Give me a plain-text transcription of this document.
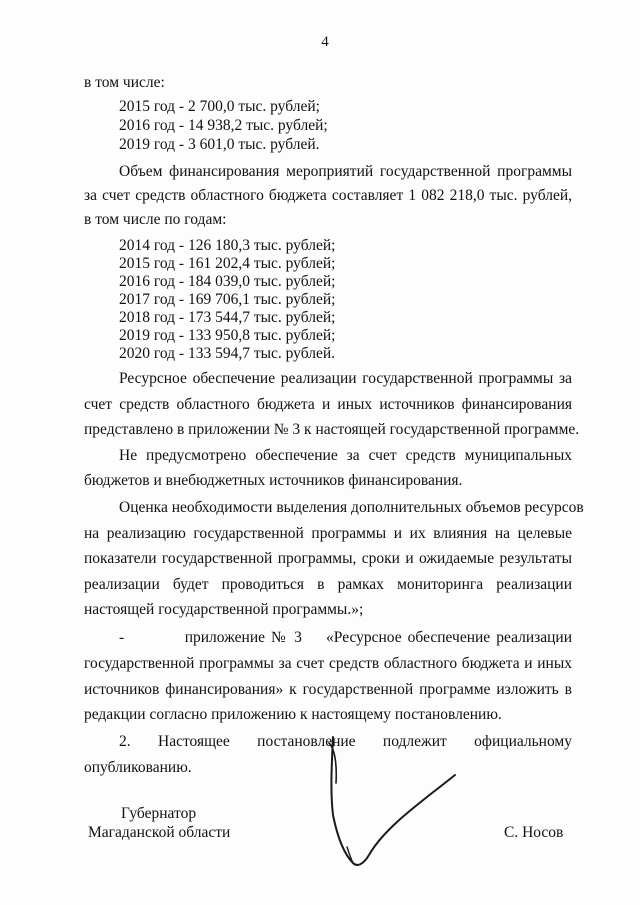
4
в том числе:
2015 год - 2 700,0 тыс. рублей;
2016 год - 14 938,2 тыс. рублей;
2019 год - 3 601,0 тыс. рублей.
Объем финансирования мероприятий государственной программы
за счет средств областного бюджета составляет 1 082 218,0 тыс. рублей,
в том числе по годам:
2014 год - 126 180,3 тыс. рублей;
2015 год - 161 202,4 тыс. рублей;
2016 год - 184 039,0 тыс. рублей;
2017 год - 169 706,1 тыс. рублей;
2018 год - 173 544,7 тыс. рублей;
2019 год - 133 950,8 тыс. рублей;
2020 год - 133 594,7 тыс. рублей.
Ресурсное обеспечение реализации государственной программы за
счет средств областного бюджета и иных источников финансирования
представлено в приложении № 3 к настоящей государственной программе.
Не предусмотрено обеспечение за счет средств муниципальных
бюджетов и внебюджетных источников финансирования.
Оценка необходимости выделения дополнительных объемов ресурсов
на реализацию государственной программы и их влияния на целевые
показатели государственной программы, сроки и ожидаемые результаты
реализации будет проводиться в рамках мониторинга реализации
настоящей государственной программы.»;
-          приложение № 3    «Ресурсное обеспечение реализации
государственной программы за счет средств областного бюджета и иных
источников финансирования» к государственной программе изложить в
редакции согласно приложению к настоящему постановлению.
2.   Настоящее   постановление   подлежит   официальному
опубликованию.
Губернатор
Магаданской области	С. Носов
